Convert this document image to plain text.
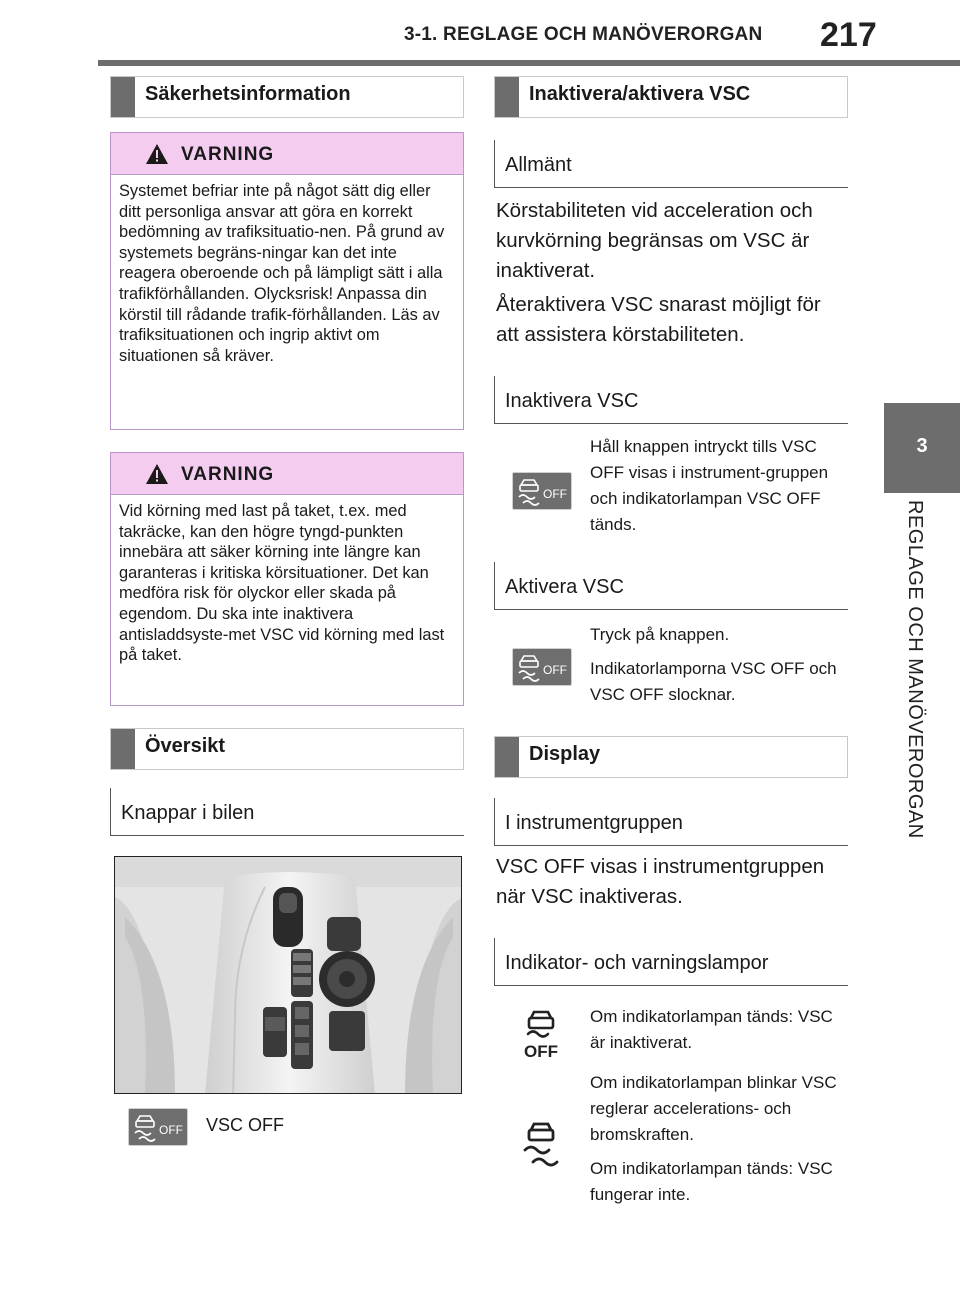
3-1. REGLAGE OCH MANÖVERORGAN 217
3
REGLAGE OCH MANÖVERORGAN
Säkerhetsinformation
VARNING
Systemet befriar inte på något sätt dig eller ditt personliga ansvar att göra en korrekt bedömning av trafiksituatio-nen. På grund av systemets begräns-ningar kan det inte reagera oberoende och på lämpligt sätt i alla trafikförhållanden. Olycksrisk! Anpassa din körstil till rådande trafik-förhållanden. Läs av trafiksituationen och ingrip aktivt om situationen så kräver.
VARNING
Vid körning med last på taket, t.ex. med takräcke, kan den högre tyngd-punkten innebära att säker körning inte längre kan garanteras i kritiska körsituationer. Det kan medföra risk för olyckor eller skada på egendom. Du ska inte inaktivera antisladdsyste-met VSC vid körning med last på taket.
Översikt
Knappar i bilen
OFF VSC OFF
Inaktivera/aktivera VSC
Allmänt
Körstabiliteten vid acceleration och kurvkörning begränsas om VSC är inaktiverat.
Återaktivera VSC snarast möjligt för att assistera körstabiliteten.
Inaktivera VSC
OFF
Håll knappen intryckt tills VSC OFF visas i instrument-gruppen och indikatorlampan VSC OFF tänds.
Aktivera VSC
OFF
Tryck på knappen.
Indikatorlamporna VSC OFF och VSC OFF slocknar.
Display
I instrumentgruppen
VSC OFF visas i instrumentgruppen när VSC inaktiveras.
Indikator- och varningslampor
OFF
Om indikatorlampan tänds: VSC är inaktiverat.
Om indikatorlampan blinkar VSC reglerar accelerations- och bromskraften.
Om indikatorlampan tänds: VSC fungerar inte.
